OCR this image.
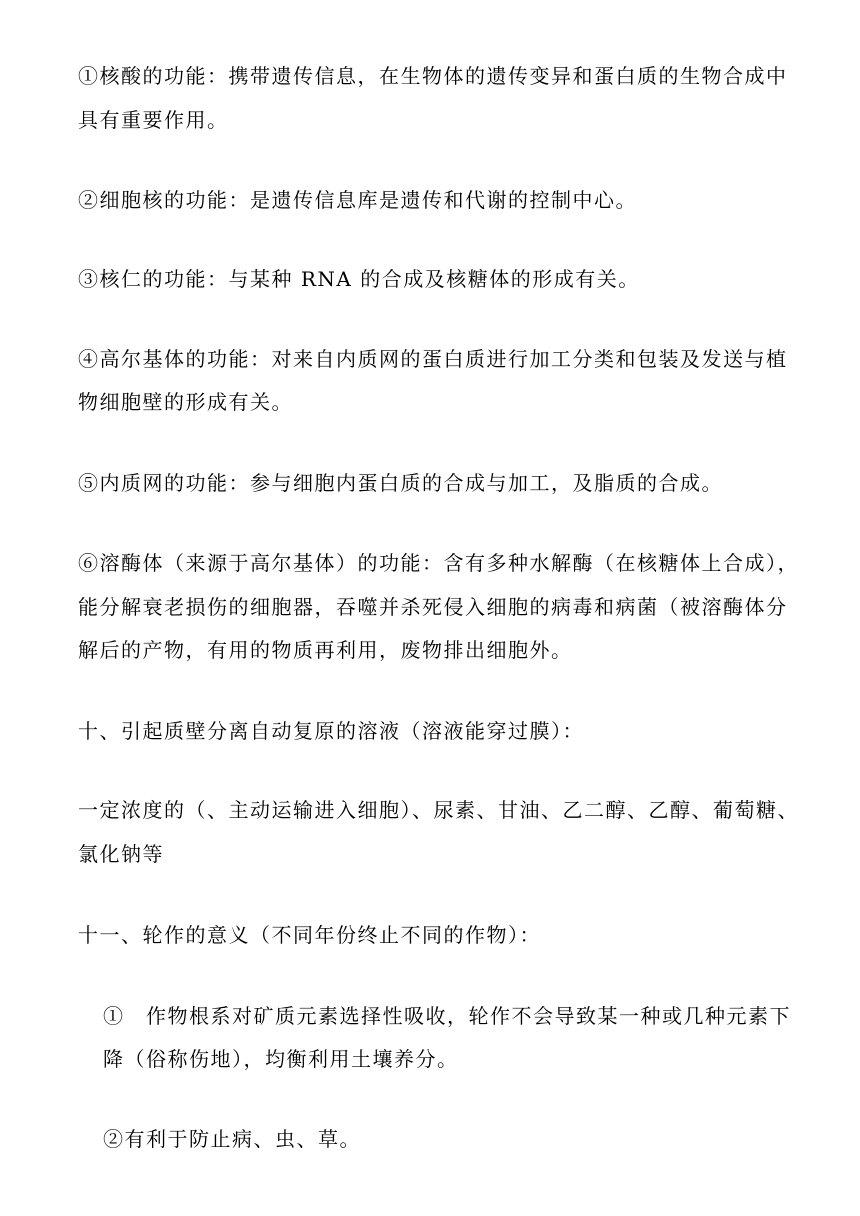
①核酸的功能：携带遗传信息，在生物体的遗传变异和蛋白质的生物合成中
具有重要作用。
②细胞核的功能：是遗传信息库是遗传和代谢的控制中心。
③核仁的功能：与某种 RNA 的合成及核糖体的形成有关。
④高尔基体的功能：对来自内质网的蛋白质进行加工分类和包装及发送与植
物细胞壁的形成有关。
⑤内质网的功能：参与细胞内蛋白质的合成与加工，及脂质的合成。
⑥溶酶体（来源于高尔基体）的功能：含有多种水解酶（在核糖体上合成），
能分解衰老损伤的细胞器，吞噬并杀死侵入细胞的病毒和病菌（被溶酶体分
解后的产物，有用的物质再利用，废物排出细胞外。
十、引起质壁分离自动复原的溶液（溶液能穿过膜）：
一定浓度的（、主动运输进入细胞）、尿素、甘油、乙二醇、乙醇、葡萄糖、
氯化钠等
十一、轮作的意义（不同年份终止不同的作物）：
①　作物根系对矿质元素选择性吸收，轮作不会导致某一种或几种元素下
降（俗称伤地），均衡利用土壤养分。
②有利于防止病、虫、草。
